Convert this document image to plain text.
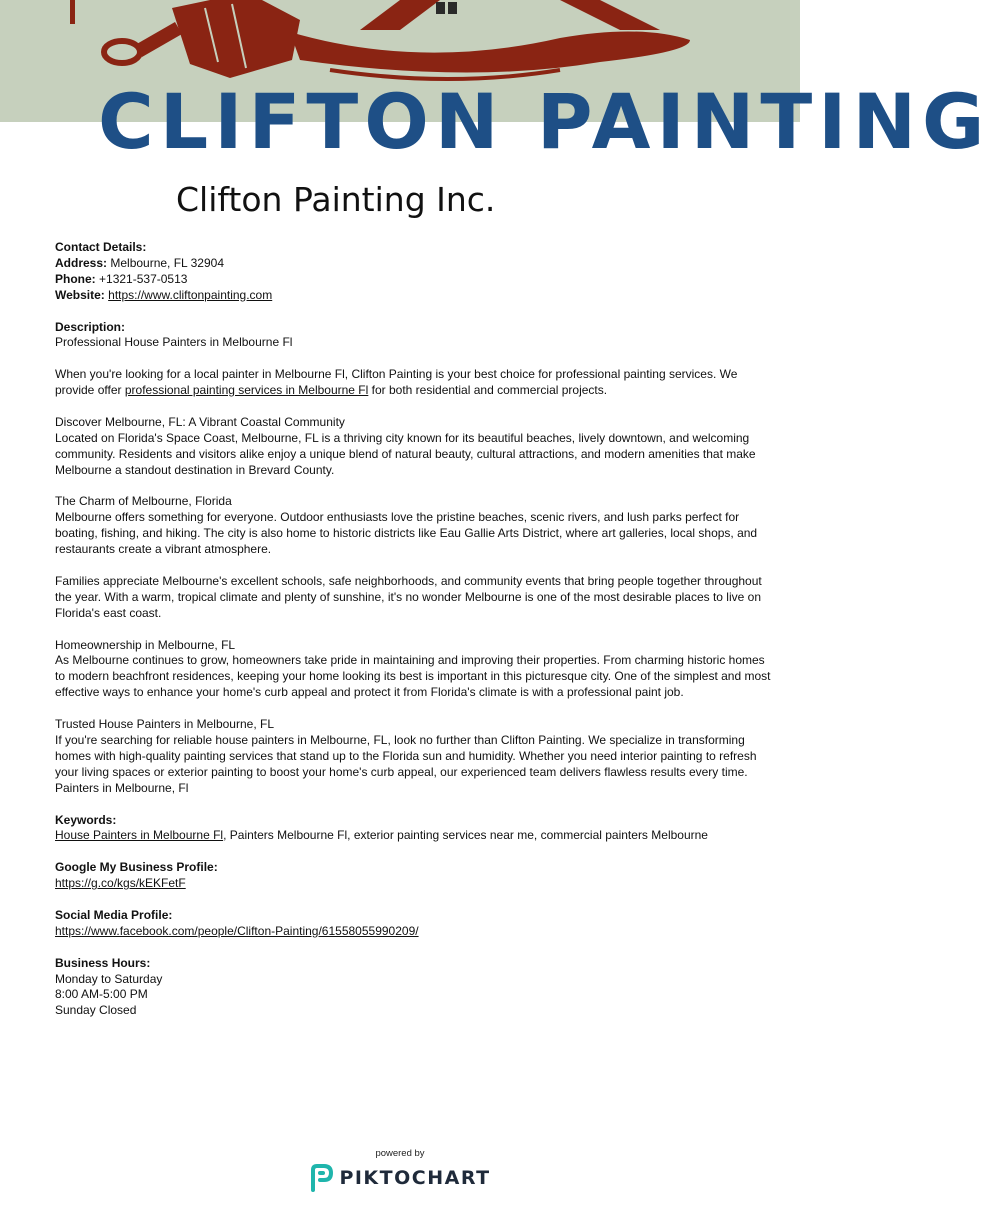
CLIFTON PAINTING
Clifton Painting Inc.

Contact Details:

Address: Melbourne, FL 32904

Phone: +1321-537-0513

Website: https://www.cliftonpainting.com

Description:

Professional House Painters in Melbourne Fl

When you're looking for a local painter in Melbourne Fl, Clifton Painting is your best choice for professional painting services. We provide offer professional painting services in Melbourne Fl for both residential and commercial projects.

Discover Melbourne, FL: A Vibrant Coastal Community

Located on Florida's Space Coast, Melbourne, FL is a thriving city known for its beautiful beaches, lively downtown, and welcoming community. Residents and visitors alike enjoy a unique blend of natural beauty, cultural attractions, and modern amenities that make Melbourne a standout destination in Brevard County.

The Charm of Melbourne, Florida

Melbourne offers something for everyone. Outdoor enthusiasts love the pristine beaches, scenic rivers, and lush parks perfect for boating, fishing, and hiking. The city is also home to historic districts like Eau Gallie Arts District, where art galleries, local shops, and restaurants create a vibrant atmosphere.

Families appreciate Melbourne's excellent schools, safe neighborhoods, and community events that bring people together throughout the year. With a warm, tropical climate and plenty of sunshine, it's no wonder Melbourne is one of the most desirable places to live on Florida's east coast.

Homeownership in Melbourne, FL

As Melbourne continues to grow, homeowners take pride in maintaining and improving their properties. From charming historic homes to modern beachfront residences, keeping your home looking its best is important in this picturesque city. One of the simplest and most effective ways to enhance your home's curb appeal and protect it from Florida's climate is with a professional paint job.

Trusted House Painters in Melbourne, FL

If you're searching for reliable house painters in Melbourne, FL, look no further than Clifton Painting. We specialize in transforming homes with high-quality painting services that stand up to the Florida sun and humidity. Whether you need interior painting to refresh your living spaces or exterior painting to boost your home's curb appeal, our experienced team delivers flawless results every time. Painters in Melbourne, Fl

Keywords:

House Painters in Melbourne Fl, Painters Melbourne Fl, exterior painting services near me, commercial painters Melbourne

Google My Business Profile:

https://g.co/kgs/kEKFetF

Social Media Profile:

https://www.facebook.com/people/Clifton-Painting/61558055990209/

Business Hours:

Monday to Saturday

8:00 AM-5:00 PM

Sunday Closed

powered by
PIKTOCHART
